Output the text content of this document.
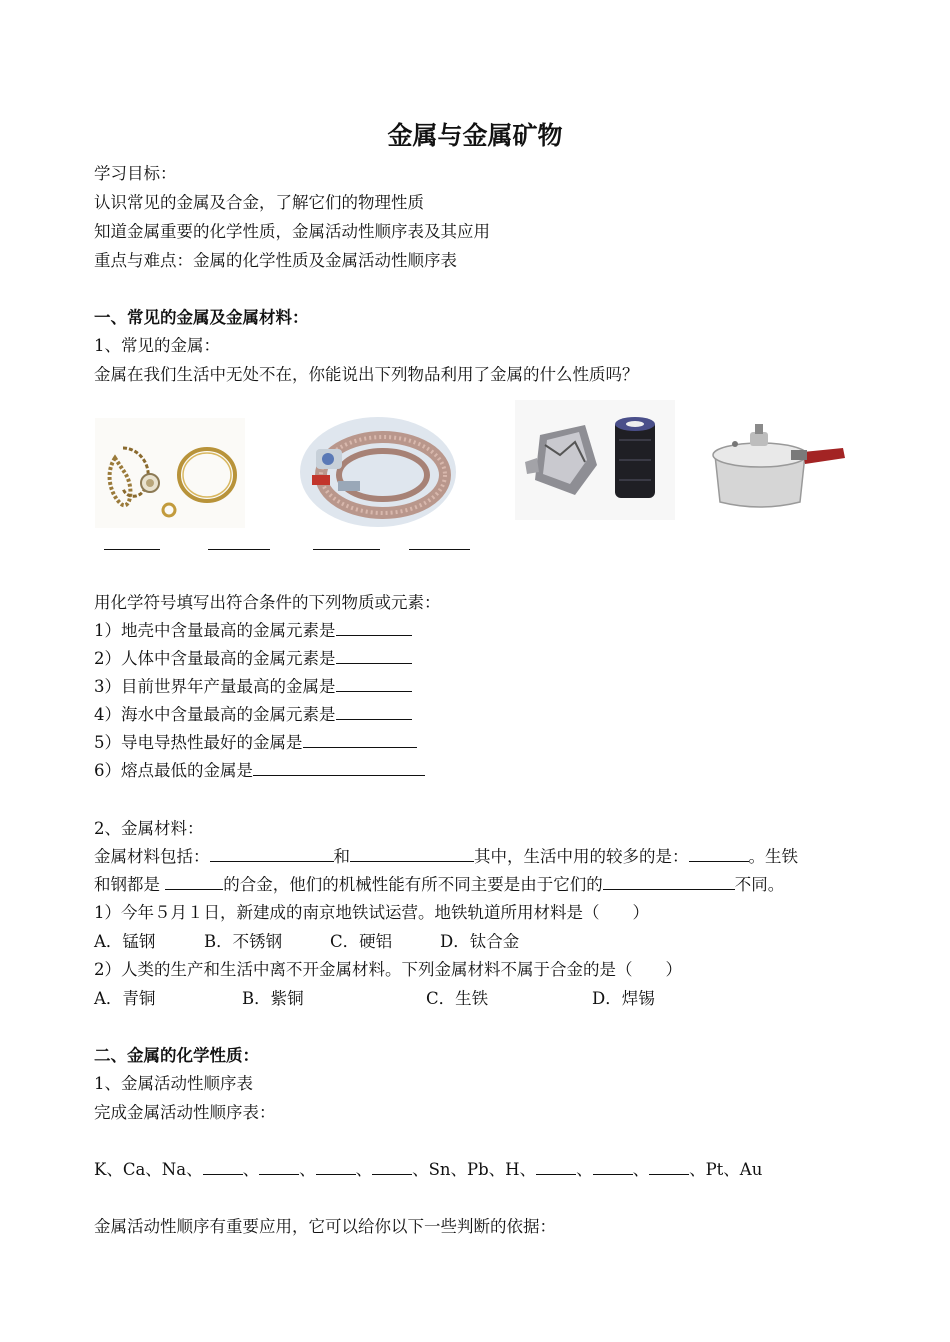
金属与金属矿物
学习目标：
认识常见的金属及合金，了解它们的物理性质
知道金属重要的化学性质，金属活动性顺序表及其应用
重点与难点：金属的化学性质及金属活动性顺序表
一、常见的金属及金属材料：
1、常见的金属：
金属在我们生活中无处不在，你能说出下列物品利用了金属的什么性质吗？
用化学符号填写出符合条件的下列物质或元素：
1）地壳中含量最高的金属元素是
2）人体中含量最高的金属元素是
3）目前世界年产量最高的金属是
4）海水中含量最高的金属元素是
5）导电导热性最好的金属是
6）熔点最低的金属是
2、金属材料：
金属材料包括：	和	其中，生活中用的较多的是：	。生铁
和钢都是	的合金，他们的机械性能有所不同主要是由于它们的	不同。
1）今年５月１日，新建成的南京地铁试运营。地铁轨道所用材料是（　　）
A．锰钢	B．不锈钢	C．硬铝	D．钛合金
2）人类的生产和生活中离不开金属材料。下列金属材料不属于合金的是（　　）
A．青铜	B．紫铜	C．生铁	D．焊锡
二、金属的化学性质：
1、金属活动性顺序表
完成金属活动性顺序表：
K、Ca、Na、 、 、 、 、Sn、Pb、H、 、 、 、Pt、Au
金属活动性顺序有重要应用，它可以给你以下一些判断的依据：
